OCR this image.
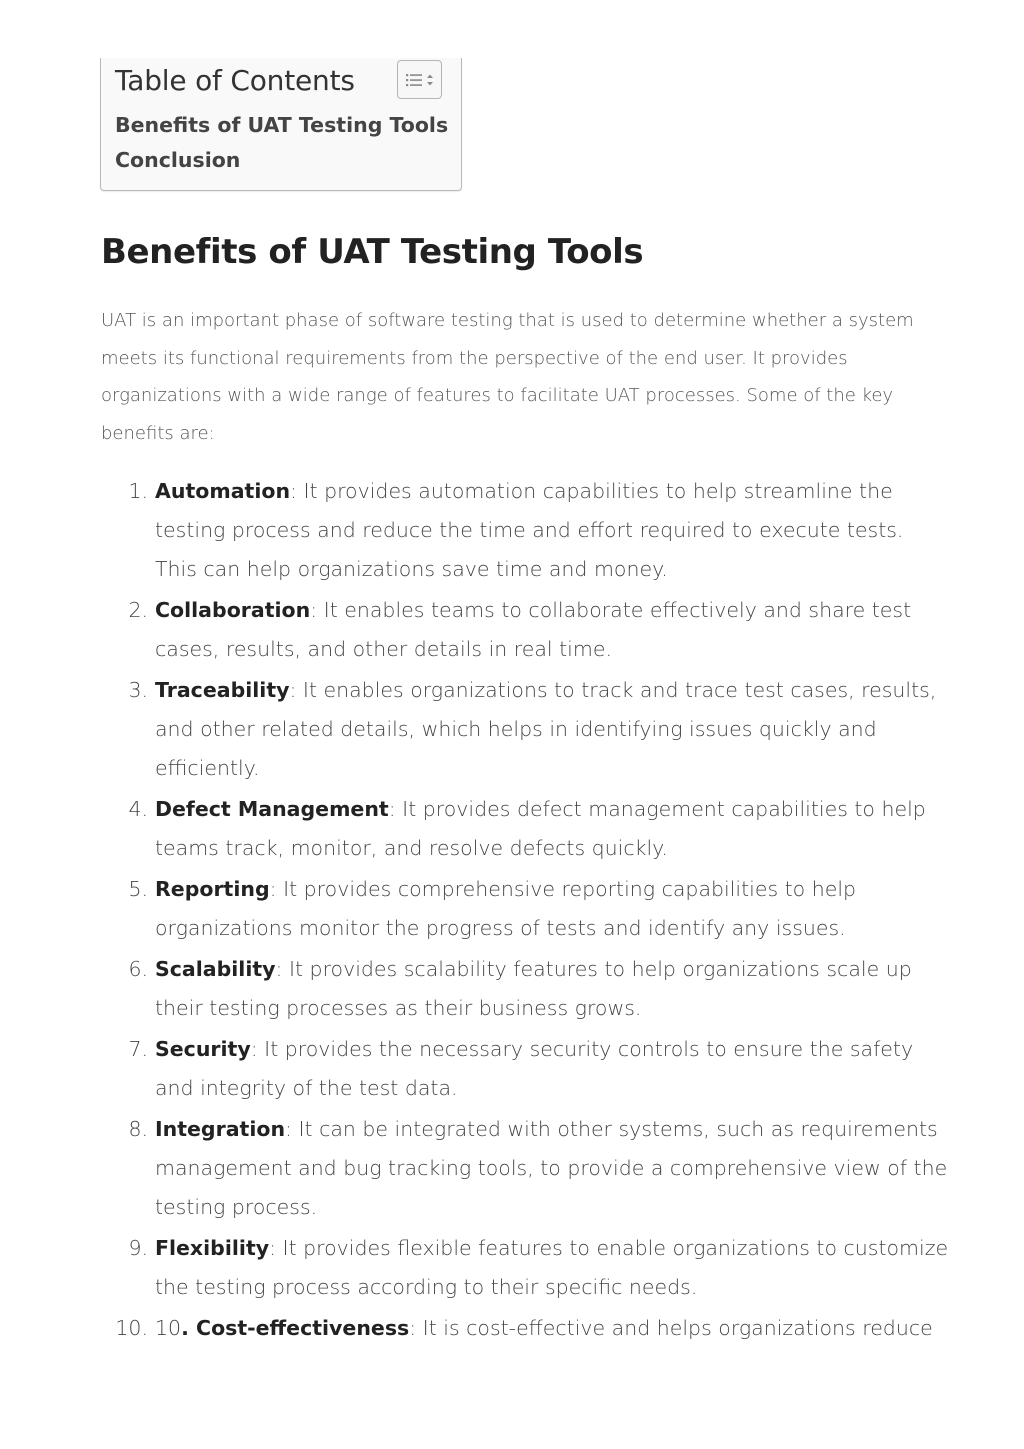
Table of Contents
Benefits of UAT Testing Tools
Conclusion
Benefits of UAT Testing Tools

UAT is an important phase of software testing that is used to determine whether a system meets its functional requirements from the perspective of the end user. It provides organizations with a wide range of features to facilitate UAT processes. Some of the key benefits are:

1. Automation: It provides automation capabilities to help streamline the testing process and reduce the time and effort required to execute tests. This can help organizations save time and money.
2. Collaboration: It enables teams to collaborate effectively and share test cases, results, and other details in real time.
3. Traceability: It enables organizations to track and trace test cases, results, and other related details, which helps in identifying issues quickly and efficiently.
4. Defect Management: It provides defect management capabilities to help teams track, monitor, and resolve defects quickly.
5. Reporting: It provides comprehensive reporting capabilities to help organizations monitor the progress of tests and identify any issues.
6. Scalability: It provides scalability features to help organizations scale up their testing processes as their business grows.
7. Security: It provides the necessary security controls to ensure the safety and integrity of the test data.
8. Integration: It can be integrated with other systems, such as requirements management and bug tracking tools, to provide a comprehensive view of the testing process.
9. Flexibility: It provides flexible features to enable organizations to customize the testing process according to their specific needs.
10. 10. Cost-effectiveness: It is cost-effective and helps organizations reduce
